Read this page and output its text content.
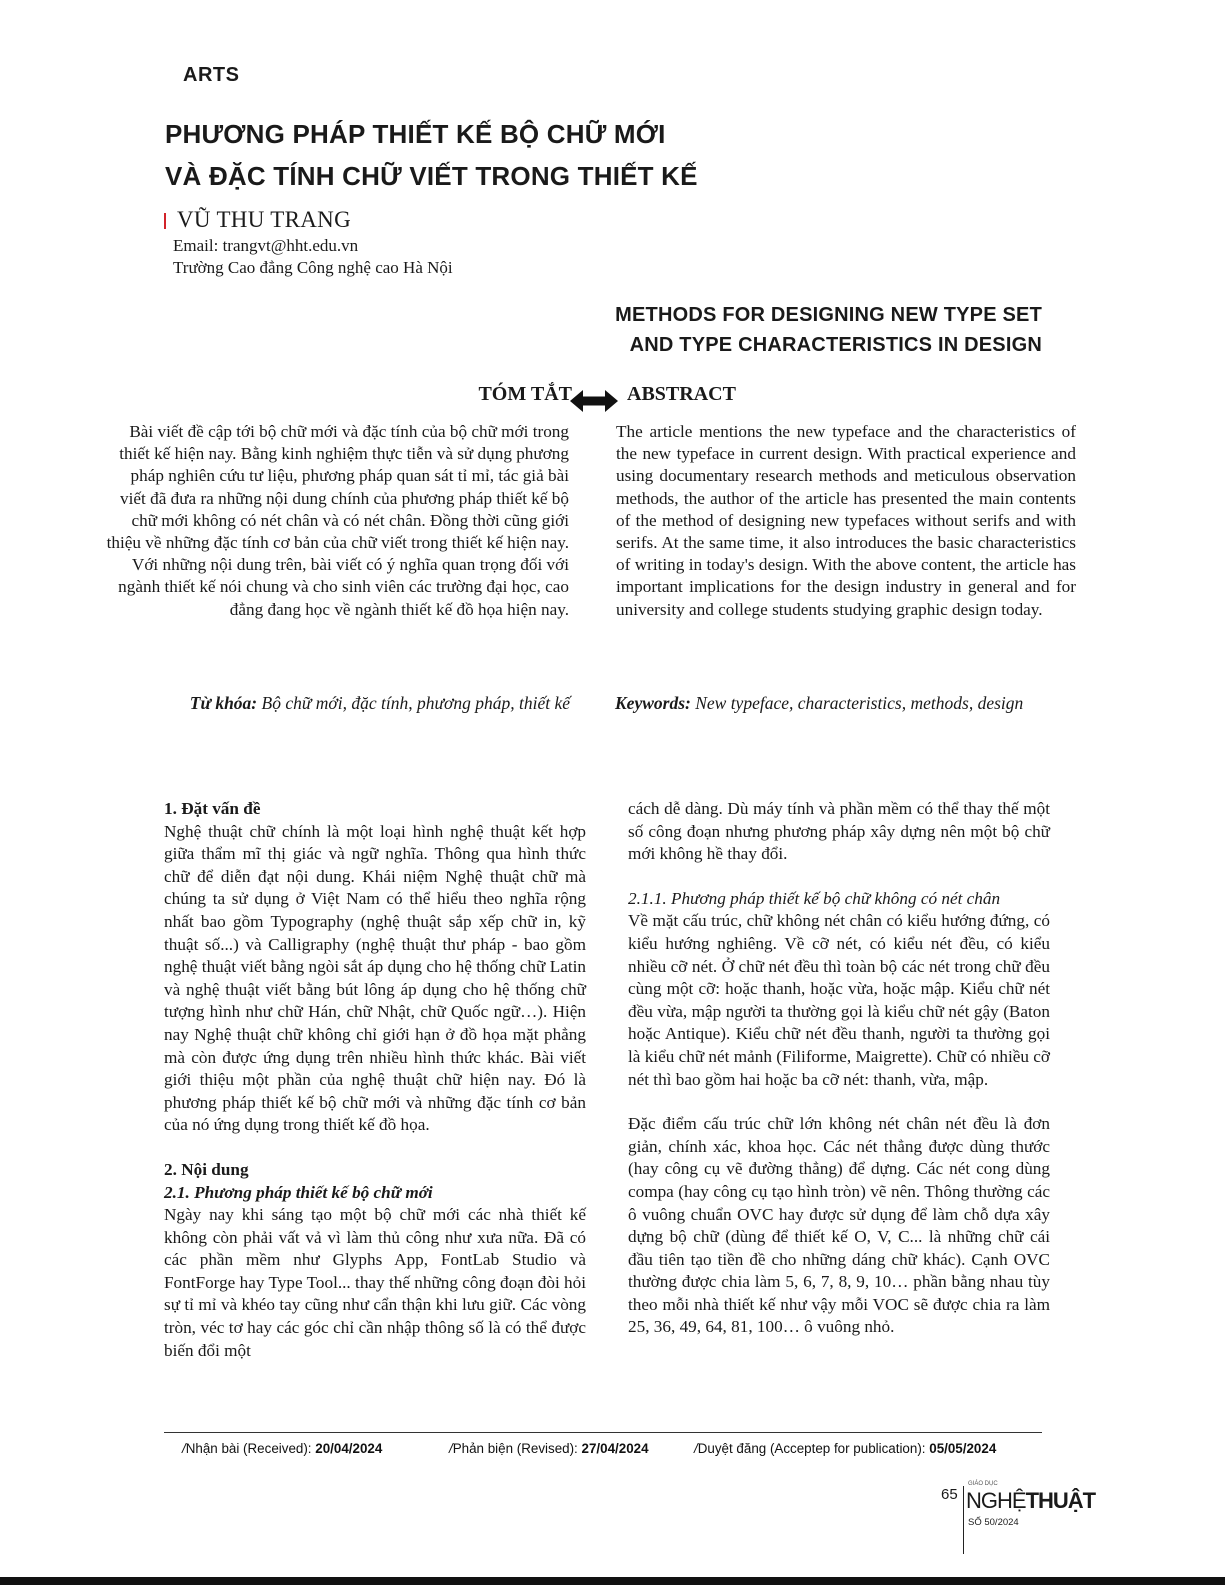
ARTS
PHƯƠNG PHÁP THIẾT KẾ BỘ CHỮ MỚI
VÀ ĐẶC TÍNH CHỮ VIẾT TRONG THIẾT KẾ
VŨ THU TRANG
Email: trangvt@hht.edu.vn
Trường Cao đẳng Công nghệ cao Hà Nội
METHODS FOR DESIGNING NEW TYPE SET
AND TYPE CHARACTERISTICS IN DESIGN
TÓM TẮT	ABSTRACT

Bài viết đề cập tới bộ chữ mới và đặc tính của bộ chữ mới trong thiết kế hiện nay. Bằng kinh nghiệm thực tiễn và sử dụng phương pháp nghiên cứu tư liệu, phương pháp quan sát tỉ mỉ, tác giả bài viết đã đưa ra những nội dung chính của phương pháp thiết kế bộ chữ mới không có nét chân và có nét chân. Đồng thời cũng giới thiệu về những đặc tính cơ bản của chữ viết trong thiết kế hiện nay. Với những nội dung trên, bài viết có ý nghĩa quan trọng đối với ngành thiết kế nói chung và cho sinh viên các trường đại học, cao đẳng đang học về ngành thiết kế đồ họa hiện nay.

The article mentions the new typeface and the characteristics of the new typeface in current design. With practical experience and using documentary research methods and meticulous observation methods, the author of the article has presented the main contents of the method of designing new typefaces without serifs and with serifs. At the same time, it also introduces the basic characteristics of writing in today's design. With the above content, the article has important implications for the design industry in general and for university and college students studying graphic design today.

Từ khóa: Bộ chữ mới, đặc tính, phương pháp, thiết kế	Keywords: New typeface, characteristics, methods, design

1. Đặt vấn đề

Nghệ thuật chữ chính là một loại hình nghệ thuật kết hợp giữa thẩm mĩ thị giác và ngữ nghĩa. Thông qua hình thức chữ để diễn đạt nội dung. Khái niệm Nghệ thuật chữ mà chúng ta sử dụng ở Việt Nam có thể hiểu theo nghĩa rộng nhất bao gồm Typography (nghệ thuật sắp xếp chữ in, kỹ thuật số...) và Calligraphy (nghệ thuật thư pháp - bao gồm nghệ thuật viết bằng ngòi sắt áp dụng cho hệ thống chữ Latin và nghệ thuật viết bằng bút lông áp dụng cho hệ thống chữ tượng hình như chữ Hán, chữ Nhật, chữ Quốc ngữ…). Hiện nay Nghệ thuật chữ không chỉ giới hạn ở đồ họa mặt phẳng mà còn được ứng dụng trên nhiều hình thức khác. Bài viết giới thiệu một phần của nghệ thuật chữ hiện nay. Đó là phương pháp thiết kế bộ chữ mới và những đặc tính cơ bản của nó ứng dụng trong thiết kế đồ họa.

2. Nội dung

2.1. Phương pháp thiết kế bộ chữ mới

Ngày nay khi sáng tạo một bộ chữ mới các nhà thiết kế không còn phải vất vả vì làm thủ công như xưa nữa. Đã có các phần mềm như Glyphs App, FontLab Studio và FontForge hay Type Tool... thay thế những công đoạn đòi hỏi sự tỉ mỉ và khéo tay cũng như cẩn thận khi lưu giữ. Các vòng tròn, véc tơ hay các góc chỉ cần nhập thông số là có thể được biến đổi một

cách dễ dàng. Dù máy tính và phần mềm có thể thay thế một số công đoạn nhưng phương pháp xây dựng nên một bộ chữ mới không hề thay đổi.

2.1.1. Phương pháp thiết kế bộ chữ không có nét chân

Về mặt cấu trúc, chữ không nét chân có kiểu hướng đứng, có kiểu hướng nghiêng. Về cỡ nét, có kiểu nét đều, có kiểu nhiều cỡ nét. Ở chữ nét đều thì toàn bộ các nét trong chữ đều cùng một cỡ: hoặc thanh, hoặc vừa, hoặc mập. Kiểu chữ nét đều vừa, mập người ta thường gọi là kiểu chữ nét gậy (Baton hoặc Antique). Kiểu chữ nét đều thanh, người ta thường gọi là kiểu chữ nét mảnh (Filiforme, Maigrette). Chữ có nhiều cỡ nét thì bao gồm hai hoặc ba cỡ nét: thanh, vừa, mập.

Đặc điểm cấu trúc chữ lớn không nét chân nét đều là đơn giản, chính xác, khoa học. Các nét thẳng được dùng thước (hay công cụ vẽ đường thẳng) để dựng. Các nét cong dùng compa (hay công cụ tạo hình tròn) vẽ nên. Thông thường các ô vuông chuẩn OVC hay được sử dụng để làm chỗ dựa xây dựng bộ chữ (dùng để thiết kế O, V, C... là những chữ cái đầu tiên tạo tiền đề cho những dáng chữ khác). Cạnh OVC thường được chia làm 5, 6, 7, 8, 9, 10… phần bằng nhau tùy theo mỗi nhà thiết kế như vậy mỗi VOC sẽ được chia ra làm 25, 36, 49, 64, 81, 100… ô vuông nhỏ.

/Nhận bài (Received): 20/04/2024	/Phản biện (Revised): 27/04/2024	/Duyệt đăng (Acceptep for publication): 05/05/2024
65
GIÁO DỤC
NGHỆTHUẬT
SỐ 50/2024
